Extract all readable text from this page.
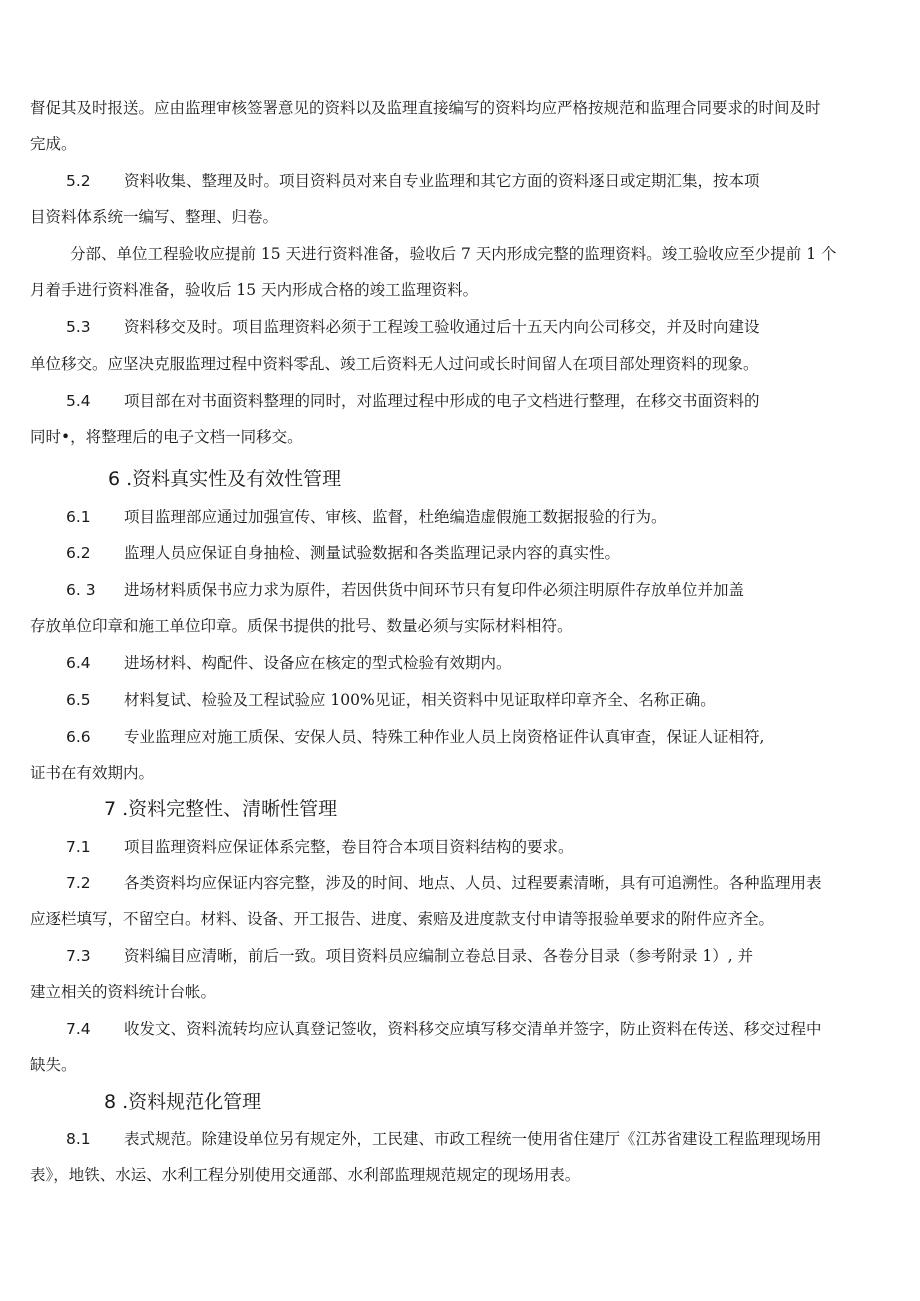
督促其及时报送。应由监理审核签署意见的资料以及监理直接编写的资料均应严格按规范和监理合同要求的时间及时

完成。

5.2 资料收集、整理及时。项目资料员对来自专业监理和其它方面的资料逐日或定期汇集，按本项

目资料体系统一编写、整理、归卷。

分部、单位工程验收应提前 15 天进行资料准备，验收后 7 天内形成完整的监理资料。竣工验收应至少提前 1 个

月着手进行资料准备，验收后 15 天内形成合格的竣工监理资料。

5.3 资料移交及时。项目监理资料必须于工程竣工验收通过后十五天内向公司移交，并及时向建设

单位移交。应坚决克服监理过程中资料零乱、竣工后资料无人过问或长时间留人在项目部处理资料的现象。

5.4 项目部在对书面资料整理的同时，对监理过程中形成的电子文档进行整理，在移交书面资料的

同时•，将整理后的电子文档一同移交。

6 .资料真实性及有效性管理

6.1 项目监理部应通过加强宣传、审核、监督，杜绝编造虚假施工数据报验的行为。

6.2 监理人员应保证自身抽检、测量试验数据和各类监理记录内容的真实性。

6. 3 进场材料质保书应力求为原件，若因供货中间环节只有复印件必须注明原件存放单位并加盖

存放单位印章和施工单位印章。质保书提供的批号、数量必须与实际材料相符。

6.4 进场材料、构配件、设备应在核定的型式检验有效期内。

6.5 材料复试、检验及工程试验应 100%见证，相关资料中见证取样印章齐全、名称正确。

6.6 专业监理应对施工质保、安保人员、特殊工种作业人员上岗资格证件认真审查，保证人证相符,

证书在有效期内。

7 .资料完整性、清晰性管理

7.1 项目监理资料应保证体系完整，卷目符合本项目资料结构的要求。

7.2 各类资料均应保证内容完整，涉及的时间、地点、人员、过程要素清晰，具有可追溯性。各种监理用表

应逐栏填写，不留空白。材料、设备、开工报告、进度、索赔及进度款支付申请等报验单要求的附件应齐全。

7.3 资料编目应清晰，前后一致。项目资料员应编制立卷总目录、各卷分目录（参考附录 1）, 并

建立相关的资料统计台帐。

7.4 收发文、资料流转均应认真登记签收，资料移交应填写移交清单并签字，防止资料在传送、移交过程中

缺失。

8 .资料规范化管理

8.1 表式规范。除建设单位另有规定外，工民建、市政工程统一使用省住建厅《江苏省建设工程监理现场用

表》，地铁、水运、水利工程分别使用交通部、水利部监理规范规定的现场用表。
